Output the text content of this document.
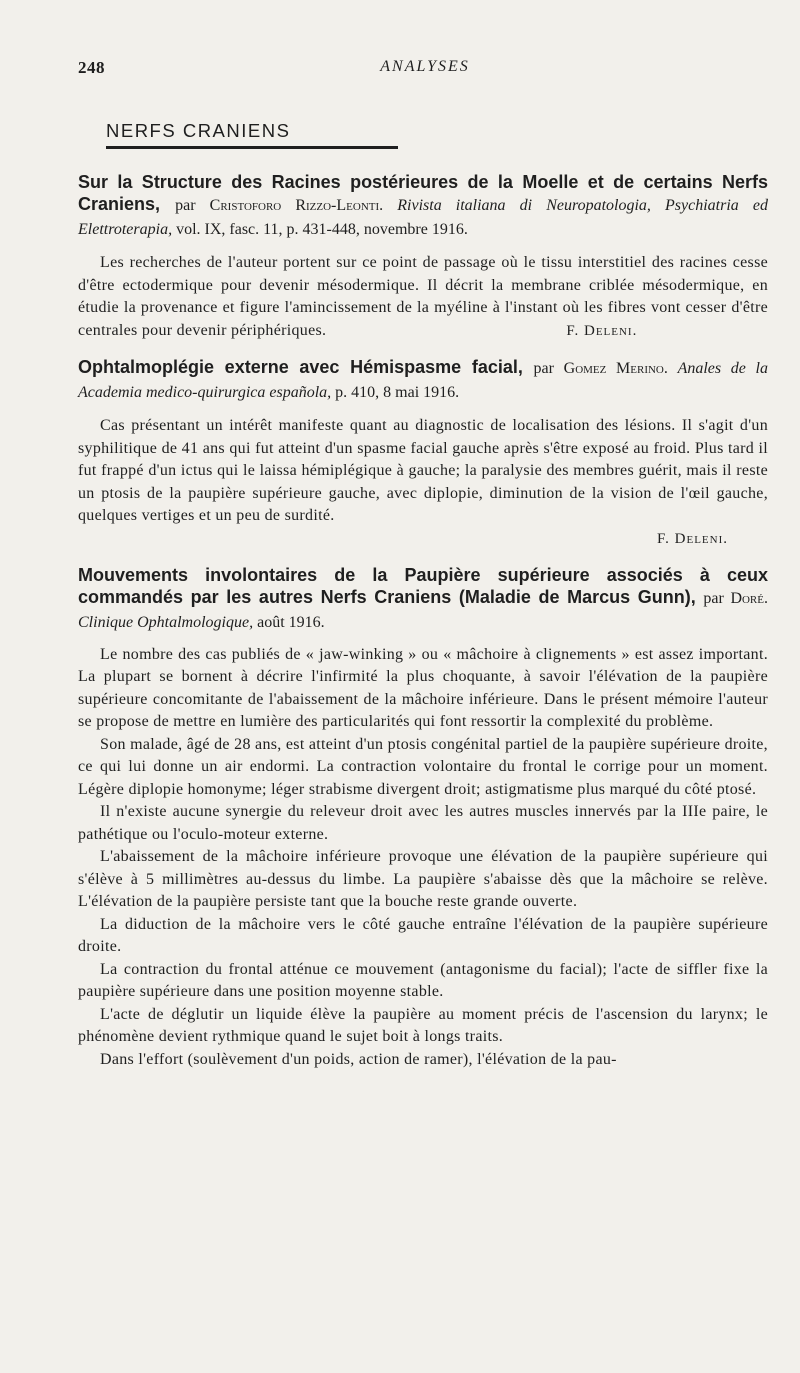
248	ANALYSES
NERFS CRANIENS

Sur la Structure des Racines postérieures de la Moelle et de certains Nerfs Craniens, par Cristoforo Rizzo-Leonti. Rivista italiana di Neuropatologia, Psychiatria ed Elettroterapia, vol. IX, fasc. 11, p. 431-448, novembre 1916.

Les recherches de l'auteur portent sur ce point de passage où le tissu interstitiel des racines cesse d'être ectodermique pour devenir mésodermique. Il décrit la membrane criblée mésodermique, en étudie la provenance et figure l'amincissement de la myéline à l'instant où les fibres vont cesser d'être centrales pour devenir périphériques.	F. Deleni.

Ophtalmoplégie externe avec Hémispasme facial, par Gomez Merino. Anales de la Academia medico-quirurgica española, p. 410, 8 mai 1916.

Cas présentant un intérêt manifeste quant au diagnostic de localisation des lésions. Il s'agit d'un syphilitique de 41 ans qui fut atteint d'un spasme facial gauche après s'être exposé au froid. Plus tard il fut frappé d'un ictus qui le laissa hémiplégique à gauche; la paralysie des membres guérit, mais il reste un ptosis de la paupière supérieure gauche, avec diplopie, diminution de la vision de l'œil gauche, quelques vertiges et un peu de surdité.

F. Deleni.

Mouvements involontaires de la Paupière supérieure associés à ceux commandés par les autres Nerfs Craniens (Maladie de Marcus Gunn), par Doré. Clinique Ophtalmologique, août 1916.

Le nombre des cas publiés de « jaw-winking » ou « mâchoire à clignements » est assez important. La plupart se bornent à décrire l'infirmité la plus choquante, à savoir l'élévation de la paupière supérieure concomitante de l'abaissement de la mâchoire inférieure. Dans le présent mémoire l'auteur se propose de mettre en lumière des particularités qui font ressortir la complexité du problème.

Son malade, âgé de 28 ans, est atteint d'un ptosis congénital partiel de la paupière supérieure droite, ce qui lui donne un air endormi. La contraction volontaire du frontal le corrige pour un moment. Légère diplopie homonyme; léger strabisme divergent droit; astigmatisme plus marqué du côté ptosé.

Il n'existe aucune synergie du releveur droit avec les autres muscles innervés par la IIIe paire, le pathétique ou l'oculo-moteur externe.

L'abaissement de la mâchoire inférieure provoque une élévation de la paupière supérieure qui s'élève à 5 millimètres au-dessus du limbe. La paupière s'abaisse dès que la mâchoire se relève. L'élévation de la paupière persiste tant que la bouche reste grande ouverte.

La diduction de la mâchoire vers le côté gauche entraîne l'élévation de la paupière supérieure droite.

La contraction du frontal atténue ce mouvement (antagonisme du facial); l'acte de siffler fixe la paupière supérieure dans une position moyenne stable.

L'acte de déglutir un liquide élève la paupière au moment précis de l'ascension du larynx; le phénomène devient rythmique quand le sujet boit à longs traits.

Dans l'effort (soulèvement d'un poids, action de ramer), l'élévation de la pau-
